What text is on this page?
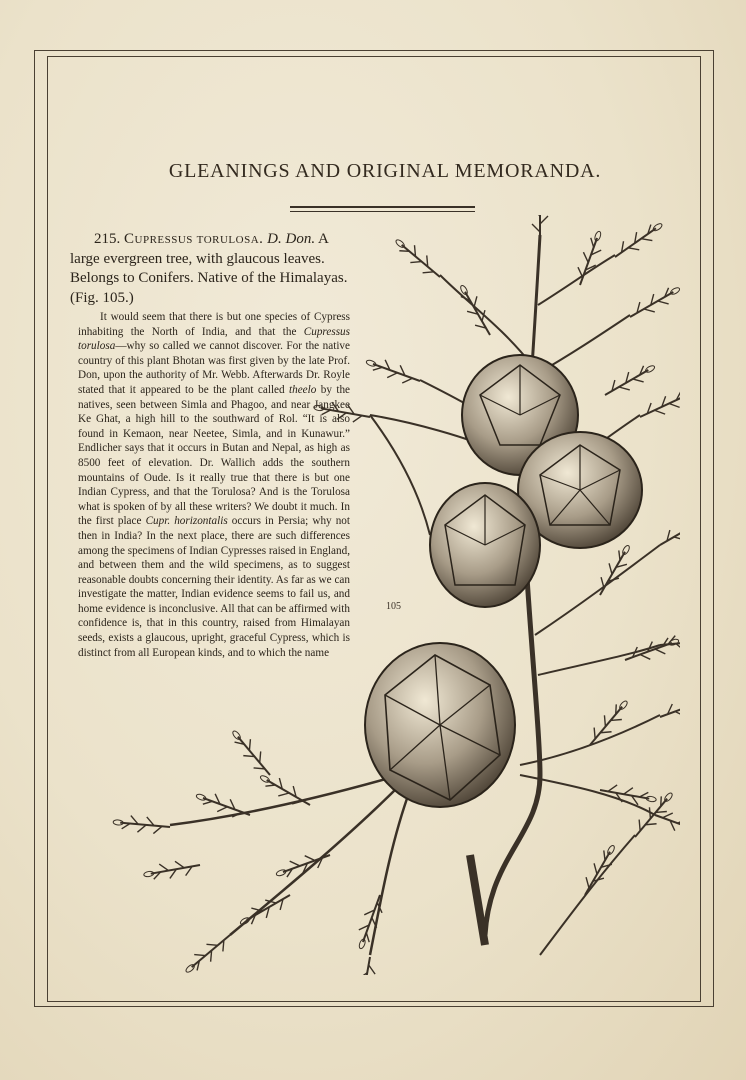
GLEANINGS AND ORIGINAL MEMORANDA.
215. Cupressus torulosa. D. Don. A large evergreen tree, with glaucous leaves. Belongs to Conifers. Native of the Himalayas. (Fig. 105.)
It would seem that there is but one species of Cypress inhabiting the North of India, and that the Cupressus torulosa—why so called we cannot discover. For the native country of this plant Bhotan was first given by the late Prof. Don, upon the authority of Mr. Webb. Afterwards Dr. Royle stated that it appeared to be the plant called theelo by the natives, seen between Simla and Phagoo, and near Jangkee Ke Ghat, a high hill to the southward of Rol. “It is also found in Kemaon, near Neetee, Simla, and in Kunawur.” Endlicher says that it occurs in Butan and Nepal, as high as 8500 feet of elevation. Dr. Wallich adds the southern mountains of Oude. Is it really true that there is but one Indian Cypress, and that the Torulosa? And is the Torulosa what is spoken of by all these writers? We doubt it much. In the first place Cupr. horizontalis occurs in Persia; why not then in India? In the next place, there are such differences among the specimens of Indian Cypresses raised in England, and between them and the wild specimens, as to suggest reasonable doubts concerning their identity. As far as we can investigate the matter, Indian evidence seems to fail us, and home evidence is inconclusive. All that can be affirmed with confidence is, that in this country, raised from Himalayan seeds, exists a glaucous, upright, graceful Cypress, which is distinct from all European kinds, and to which the name
105
